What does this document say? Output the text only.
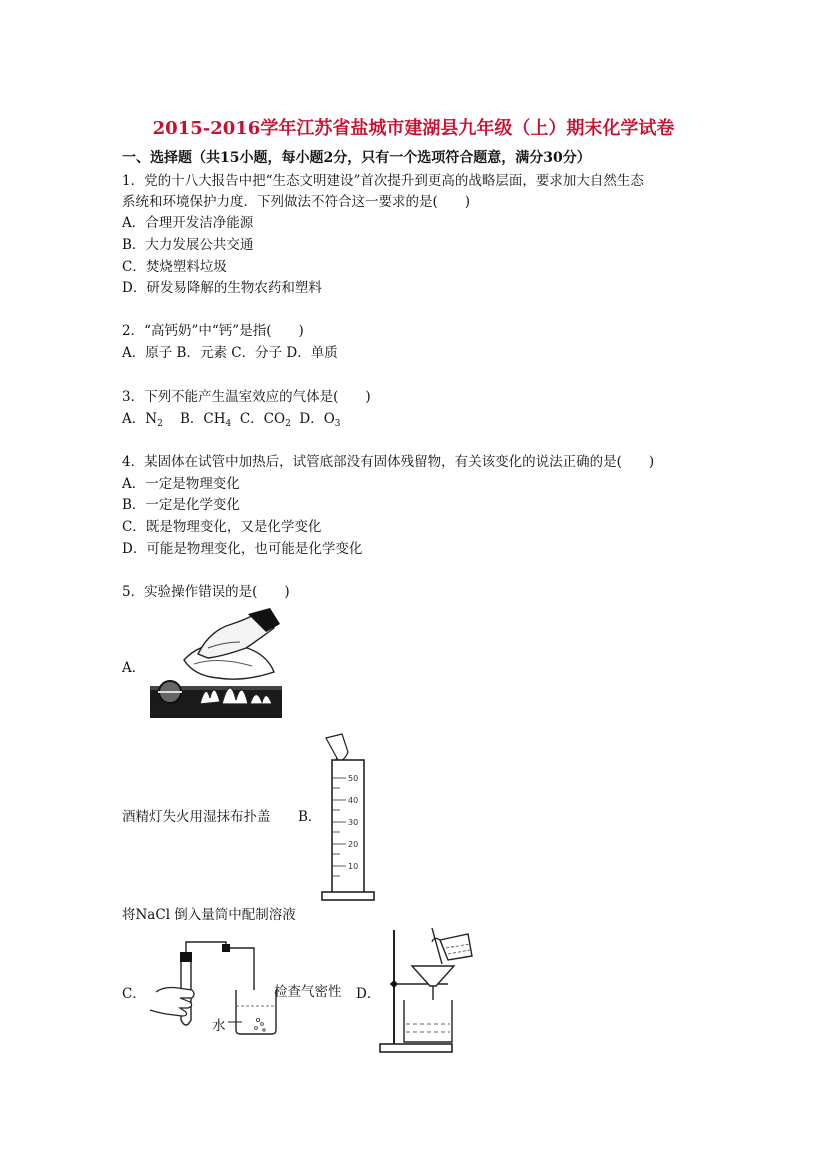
2015-2016学年江苏省盐城市建湖县九年级（上）期末化学试卷
一、选择题（共15小题，每小题2分，只有一个选项符合题意，满分30分）
1．党的十八大报告中把“生态文明建设”首次提升到更高的战略层面，要求加大自然生态
系统和环境保护力度．下列做法不符合这一要求的是(　　)
A．合理开发洁净能源
B．大力发展公共交通
C．焚烧塑料垃圾
D．研发易降解的生物农药和塑料
2．“高钙奶”中“钙”是指(　　)
A．原子 B．元素 C．分子 D．单质
3．下列不能产生温室效应的气体是(　　)
A．$N_2$ B．$CH_4$ C．$CO_2$ D．$O_3$
4．某固体在试管中加热后，试管底部没有固体残留物，有关该变化的说法正确的是(　　)
A．一定是物理变化
B．一定是化学变化
C．既是物理变化，又是化学变化
D．可能是物理变化，也可能是化学变化
5．实验操作错误的是(　　)
A．
酒精灯失火用湿抹布扑盖 B．
50
40
30
20
10
将NaCl 倒入量筒中配制溶液
C．
水
检查气密性 D．
